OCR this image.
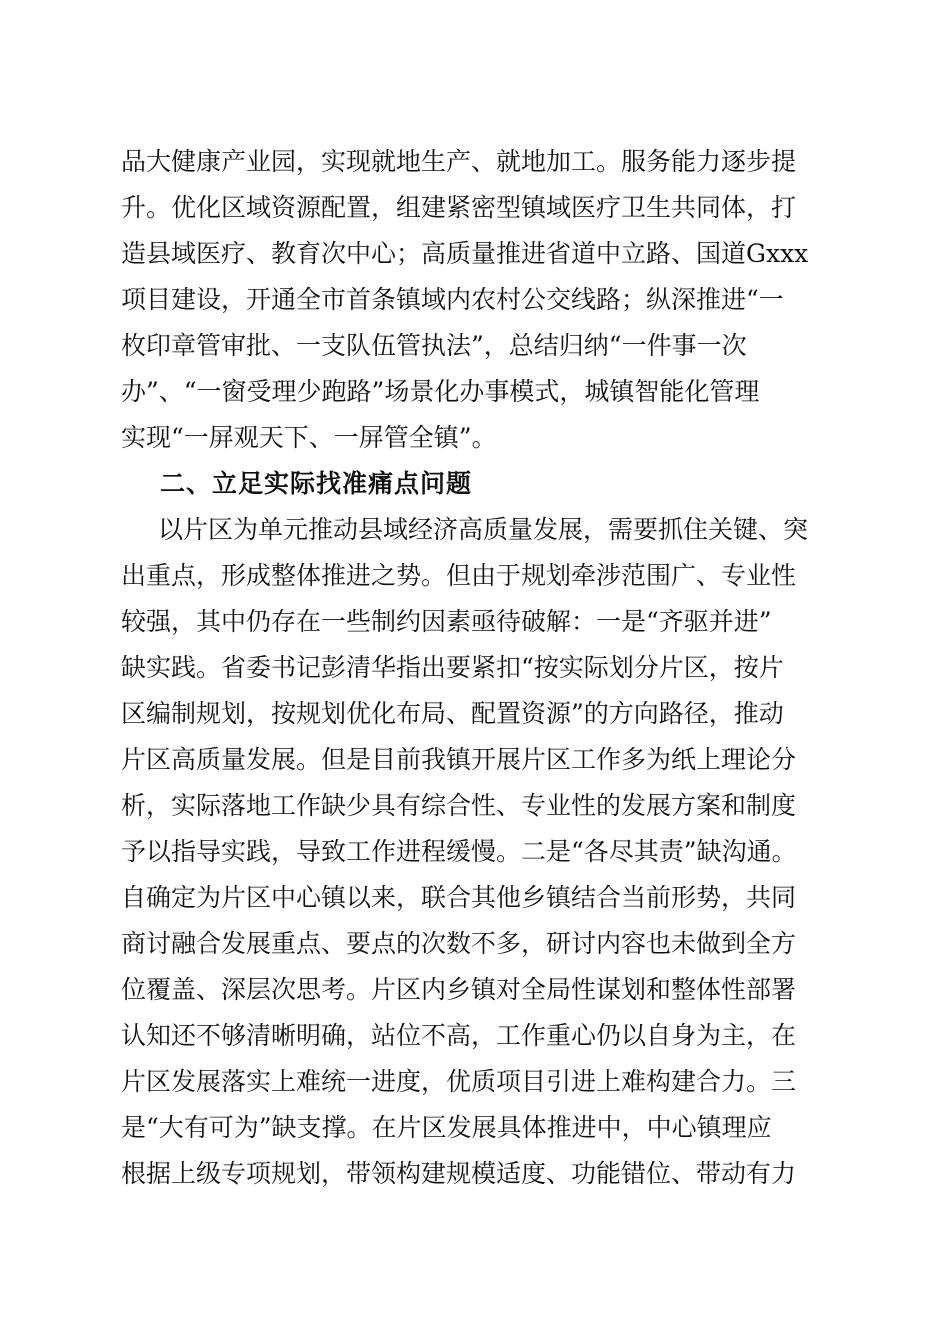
品大健康产业园，实现就地生产、就地加工。服务能力逐步提
升。优化区域资源配置，组建紧密型镇域医疗卫生共同体，打
造县域医疗、教育次中心；高质量推进省道中立路、国道Gxxx
项目建设，开通全市首条镇域内农村公交线路；纵深推进“一
枚印章管审批、一支队伍管执法”，总结归纳“一件事一次
办”、“一窗受理少跑路”场景化办事模式，城镇智能化管理
实现“一屏观天下、一屏管全镇”。
二、立足实际找准痛点问题
以片区为单元推动县域经济高质量发展，需要抓住关键、突
出重点，形成整体推进之势。但由于规划牵涉范围广、专业性
较强，其中仍存在一些制约因素亟待破解：一是“齐驱并进”
缺实践。省委书记彭清华指出要紧扣“按实际划分片区，按片
区编制规划，按规划优化布局、配置资源”的方向路径，推动
片区高质量发展。但是目前我镇开展片区工作多为纸上理论分
析，实际落地工作缺少具有综合性、专业性的发展方案和制度
予以指导实践，导致工作进程缓慢。二是“各尽其责”缺沟通。
自确定为片区中心镇以来，联合其他乡镇结合当前形势，共同
商讨融合发展重点、要点的次数不多，研讨内容也未做到全方
位覆盖、深层次思考。片区内乡镇对全局性谋划和整体性部署
认知还不够清晰明确，站位不高，工作重心仍以自身为主，在
片区发展落实上难统一进度，优质项目引进上难构建合力。三
是“大有可为”缺支撑。在片区发展具体推进中，中心镇理应
根据上级专项规划，带领构建规模适度、功能错位、带动有力
